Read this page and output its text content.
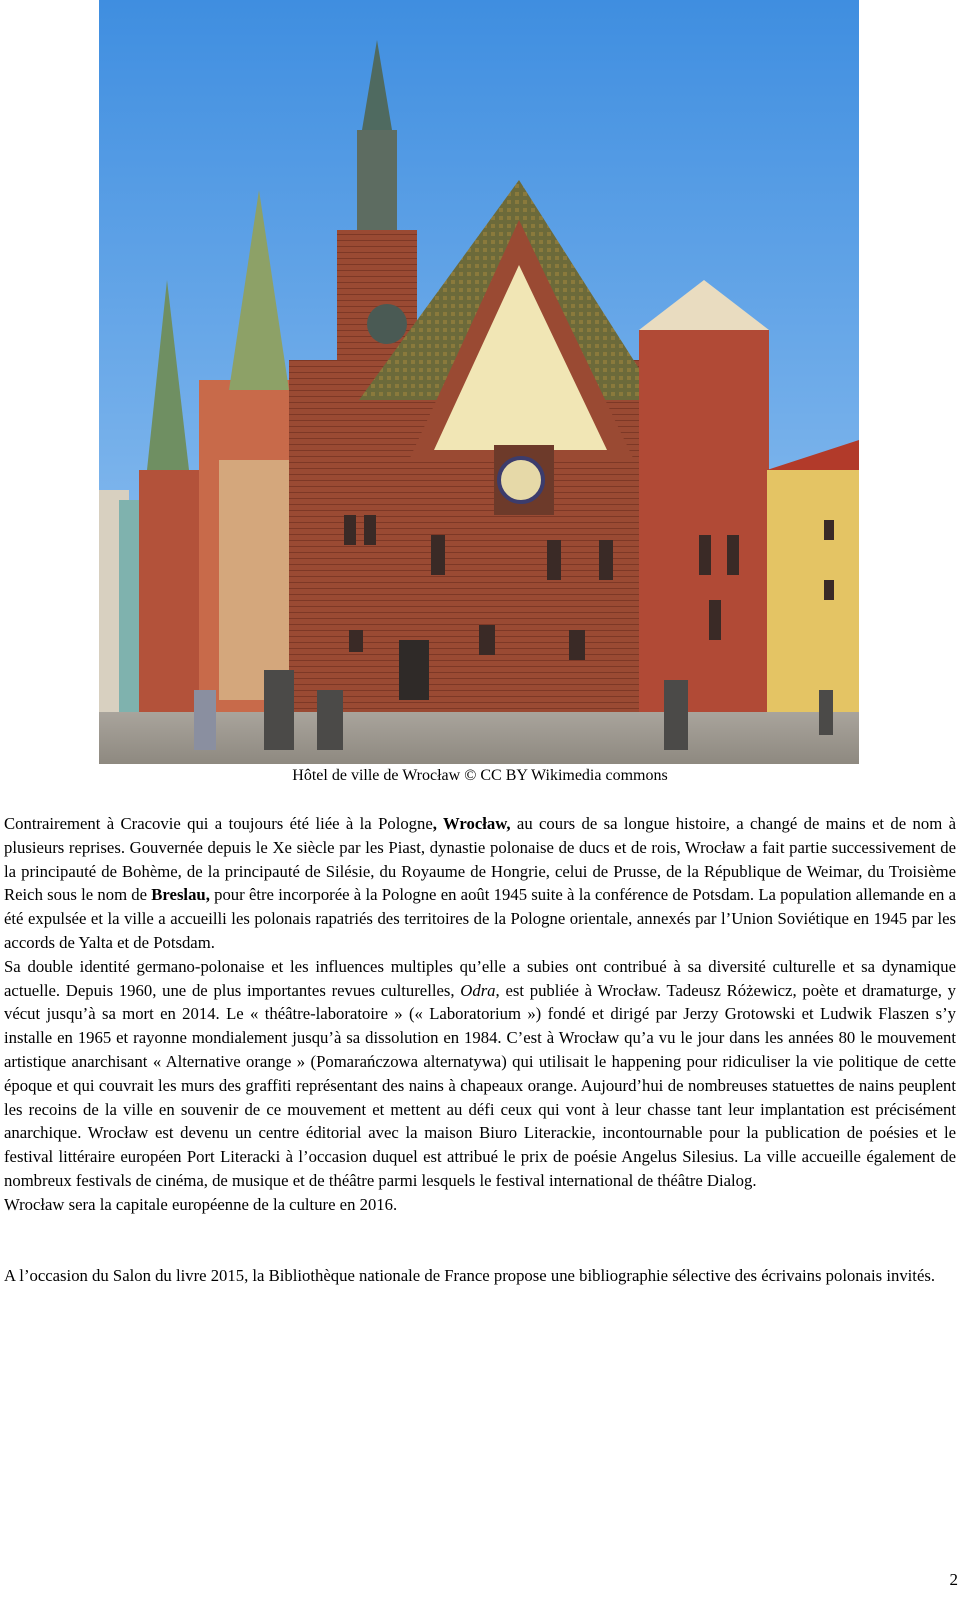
Hôtel de ville de Wrocław © CC BY Wikimedia commons

Contrairement à Cracovie qui a toujours été liée à la Pologne, Wrocław, au cours de sa longue histoire, a changé de mains et de nom à plusieurs reprises. Gouvernée depuis le Xe siècle par les Piast, dynastie polonaise de ducs et de rois, Wrocław a fait partie successivement de la principauté de Bohème, de la principauté de Silésie, du Royaume de Hongrie, celui de Prusse, de la République de Weimar, du Troisième Reich sous le nom de Breslau, pour être incorporée à la Pologne en août 1945 suite à la conférence de Potsdam. La population allemande en a été expulsée et la ville a accueilli les polonais rapatriés des territoires de la Pologne orientale, annexés par l’Union Soviétique en 1945 par les accords de Yalta et de Potsdam.

Sa double identité germano-polonaise et les influences multiples qu’elle a subies ont contribué à sa diversité culturelle et sa dynamique actuelle. Depuis 1960, une de plus importantes revues culturelles, Odra, est publiée à Wrocław. Tadeusz Różewicz, poète et dramaturge, y vécut jusqu’à sa mort en 2014. Le « théâtre-laboratoire » (« Laboratorium ») fondé et dirigé par Jerzy Grotowski et Ludwik Flaszen s’y installe en 1965 et rayonne mondialement jusqu’à sa dissolution en 1984. C’est à Wrocław qu’a vu le jour dans les années 80 le mouvement artistique anarchisant « Alternative orange » (Pomarańczowa alternatywa) qui utilisait le happening pour ridiculiser la vie politique de cette époque et qui couvrait les murs des graffiti représentant des nains à chapeaux orange. Aujourd’hui de nombreuses statuettes de nains peuplent les recoins de la ville en souvenir de ce mouvement et mettent au défi ceux qui vont à leur chasse tant leur implantation est précisément anarchique. Wrocław est devenu un centre éditorial avec la maison Biuro Literackie, incontournable pour la publication de poésies et le festival littéraire européen Port Literacki à l’occasion duquel est attribué le prix de poésie Angelus Silesius. La ville accueille également de nombreux festivals de cinéma, de musique et de théâtre parmi lesquels le festival international de théâtre Dialog.

Wrocław sera la capitale européenne de la culture en 2016.

A l’occasion du Salon du livre 2015, la Bibliothèque nationale de France propose une bibliographie sélective des écrivains polonais invités.

2
